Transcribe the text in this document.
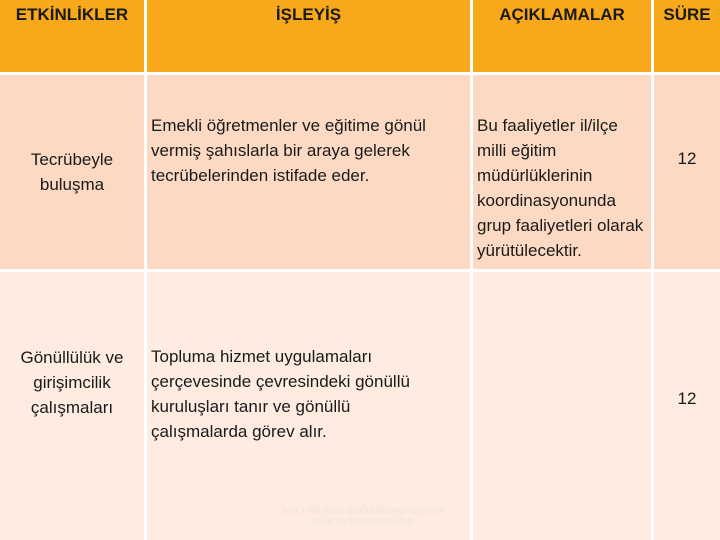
ETKİNLİKLER	İŞLEYİŞ	AÇIKLAMALAR SÜRE
Tecrübeyle buluşma
Emekli öğretmenler ve eğitime gönül vermiş şahıslarla bir araya gelerek tecrübelerinden istifade eder.
Bu faaliyetler il/ilçe milli eğitim müdürlüklerinin koordinasyonunda grup faaliyetleri olarak yürütülecektir.
12
Gönüllülük ve girişimcilik çalışmaları
Topluma hizmet uygulamaları çerçevesinde çevresindeki gönüllü kuruluşları tanır ve gönüllü çalışmalarda görev alır.
12
İzmir İl Milli Eğitim Müdürlüğü Aday Öğretmen
Yetiştirme Süreci/Şubat 2016
